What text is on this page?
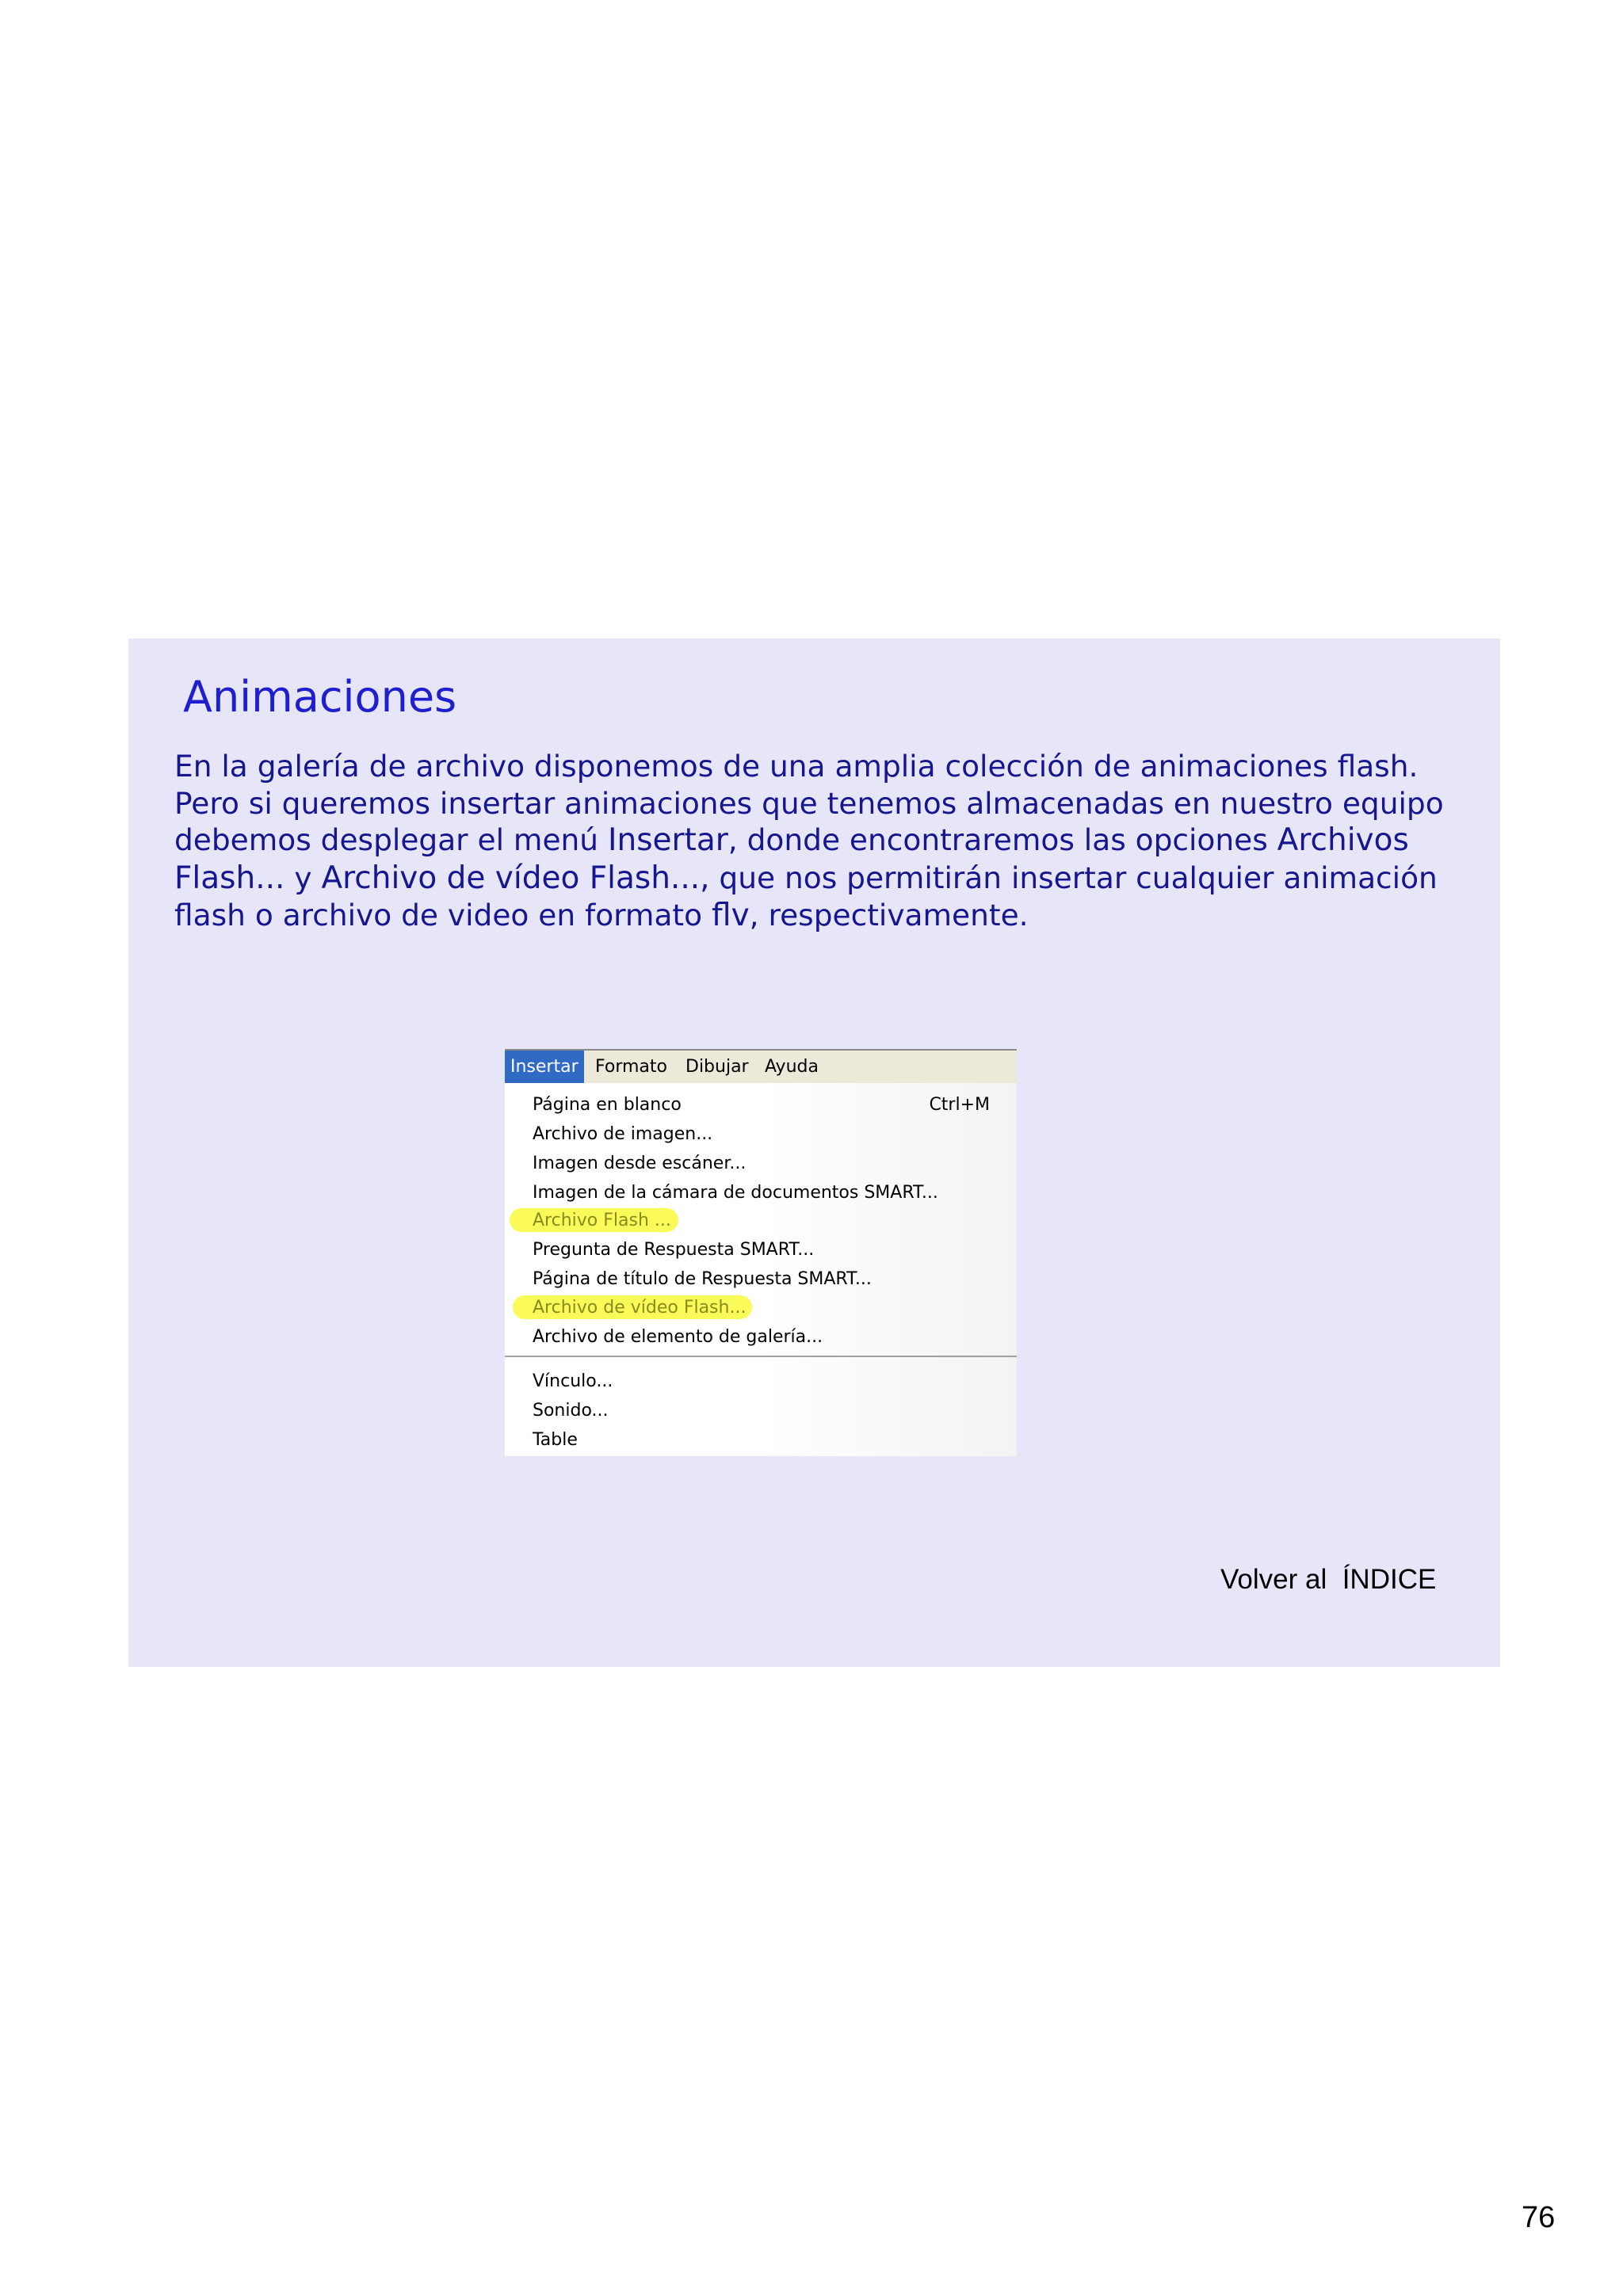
Animaciones

En la galería de archivo disponemos de una amplia colección de animaciones flash. Pero si queremos insertar animaciones que tenemos almacenadas en nuestro equipo debemos desplegar el menú Insertar, donde encontraremos las opciones Archivos Flash... y Archivo de vídeo Flash..., que nos permitirán insertar cualquier animación flash o archivo de video en formato flv, respectivamente.

Insertar Formato Dibujar Ayuda
Página en blanco	Ctrl+M
Archivo de imagen...
Imagen desde escáner...
Imagen de la cámara de documentos SMART...
Archivo Flash ...
Pregunta de Respuesta SMART...
Página de título de Respuesta SMART...
Archivo de vídeo Flash...
Archivo de elemento de galería...
Vínculo...
Sonido...
Table
Volver al  ÍNDICE
76
